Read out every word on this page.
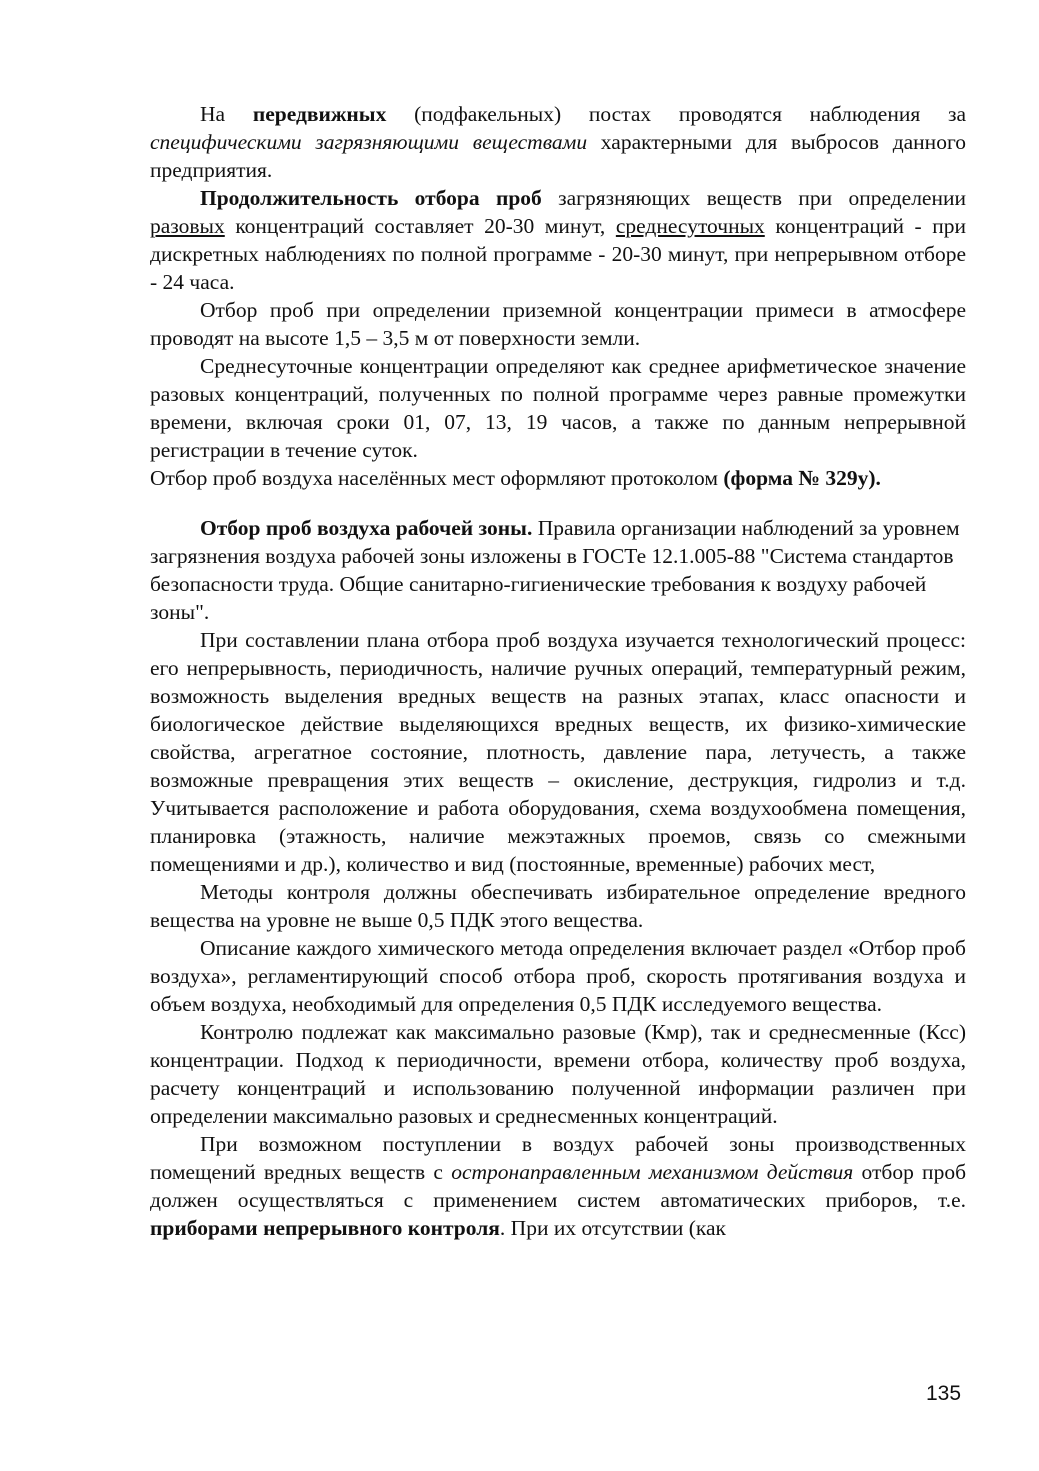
На передвижных (подфакельных) постах проводятся наблюдения за специфическими загрязняющими веществами характерными для выбросов данного предприятия.

Продолжительность отбора проб загрязняющих веществ при определении разовых концентраций составляет 20-30 минут, среднесуточных концентраций - при дискретных наблюдениях по полной программе - 20-30 минут, при непрерывном отборе - 24 часа.

Отбор проб при определении приземной концентрации примеси в атмосфере проводят на высоте 1,5 – 3,5 м от поверхности земли.

Среднесуточные концентрации определяют как среднее арифметическое значение разовых концентраций, полученных по полной программе через равные промежутки времени, включая сроки 01, 07, 13, 19 часов, а также по данным непрерывной регистрации в течение суток.

Отбор проб воздуха населённых мест оформляют протоколом (форма № 329у).

Отбор проб воздуха рабочей зоны. Правила организации наблюдений за уровнем загрязнения воздуха рабочей зоны изложены в ГОСТе 12.1.005-88 "Система стандартов безопасности труда. Общие санитарно-гигиенические требования к воздуху рабочей зоны".

При составлении плана отбора проб воздуха изучается технологический процесс: его непрерывность, периодичность, наличие ручных операций, температурный режим, возможность выделения вредных веществ на разных этапах, класс опасности и биологическое действие выделяющихся вредных веществ, их физико-химические свойства, агрегатное состояние, плотность, давление пара, летучесть, а также возможные превращения этих веществ – окисление, деструкция, гидролиз и т.д. Учитывается расположение и работа оборудования, схема воздухообмена помещения, планировка (этажность, наличие межэтажных проемов, связь со смежными помещениями и др.), количество и вид (постоянные, временные) рабочих мест,

Методы контроля должны обеспечивать избирательное определение вредного вещества на уровне не выше 0,5 ПДК этого вещества.

Описание каждого химического метода определения включает раздел «Отбор проб воздуха», регламентирующий способ отбора проб, скорость протягивания воздуха и объем воздуха, необходимый для определения 0,5 ПДК исследуемого вещества.

Контролю подлежат как максимально разовые (Кмр), так и среднесменные (Ксс) концентрации. Подход к периодичности, времени отбора, количеству проб воздуха, расчету концентраций и использованию полученной информации различен при определении максимально разовых и среднесменных концентраций.

При возможном поступлении в воздух рабочей зоны производственных помещений вредных веществ с остронаправленным механизмом действия отбор проб должен осуществляться с применением систем автоматических приборов, т.е. приборами непрерывного контроля. При их отсутствии (как

135
